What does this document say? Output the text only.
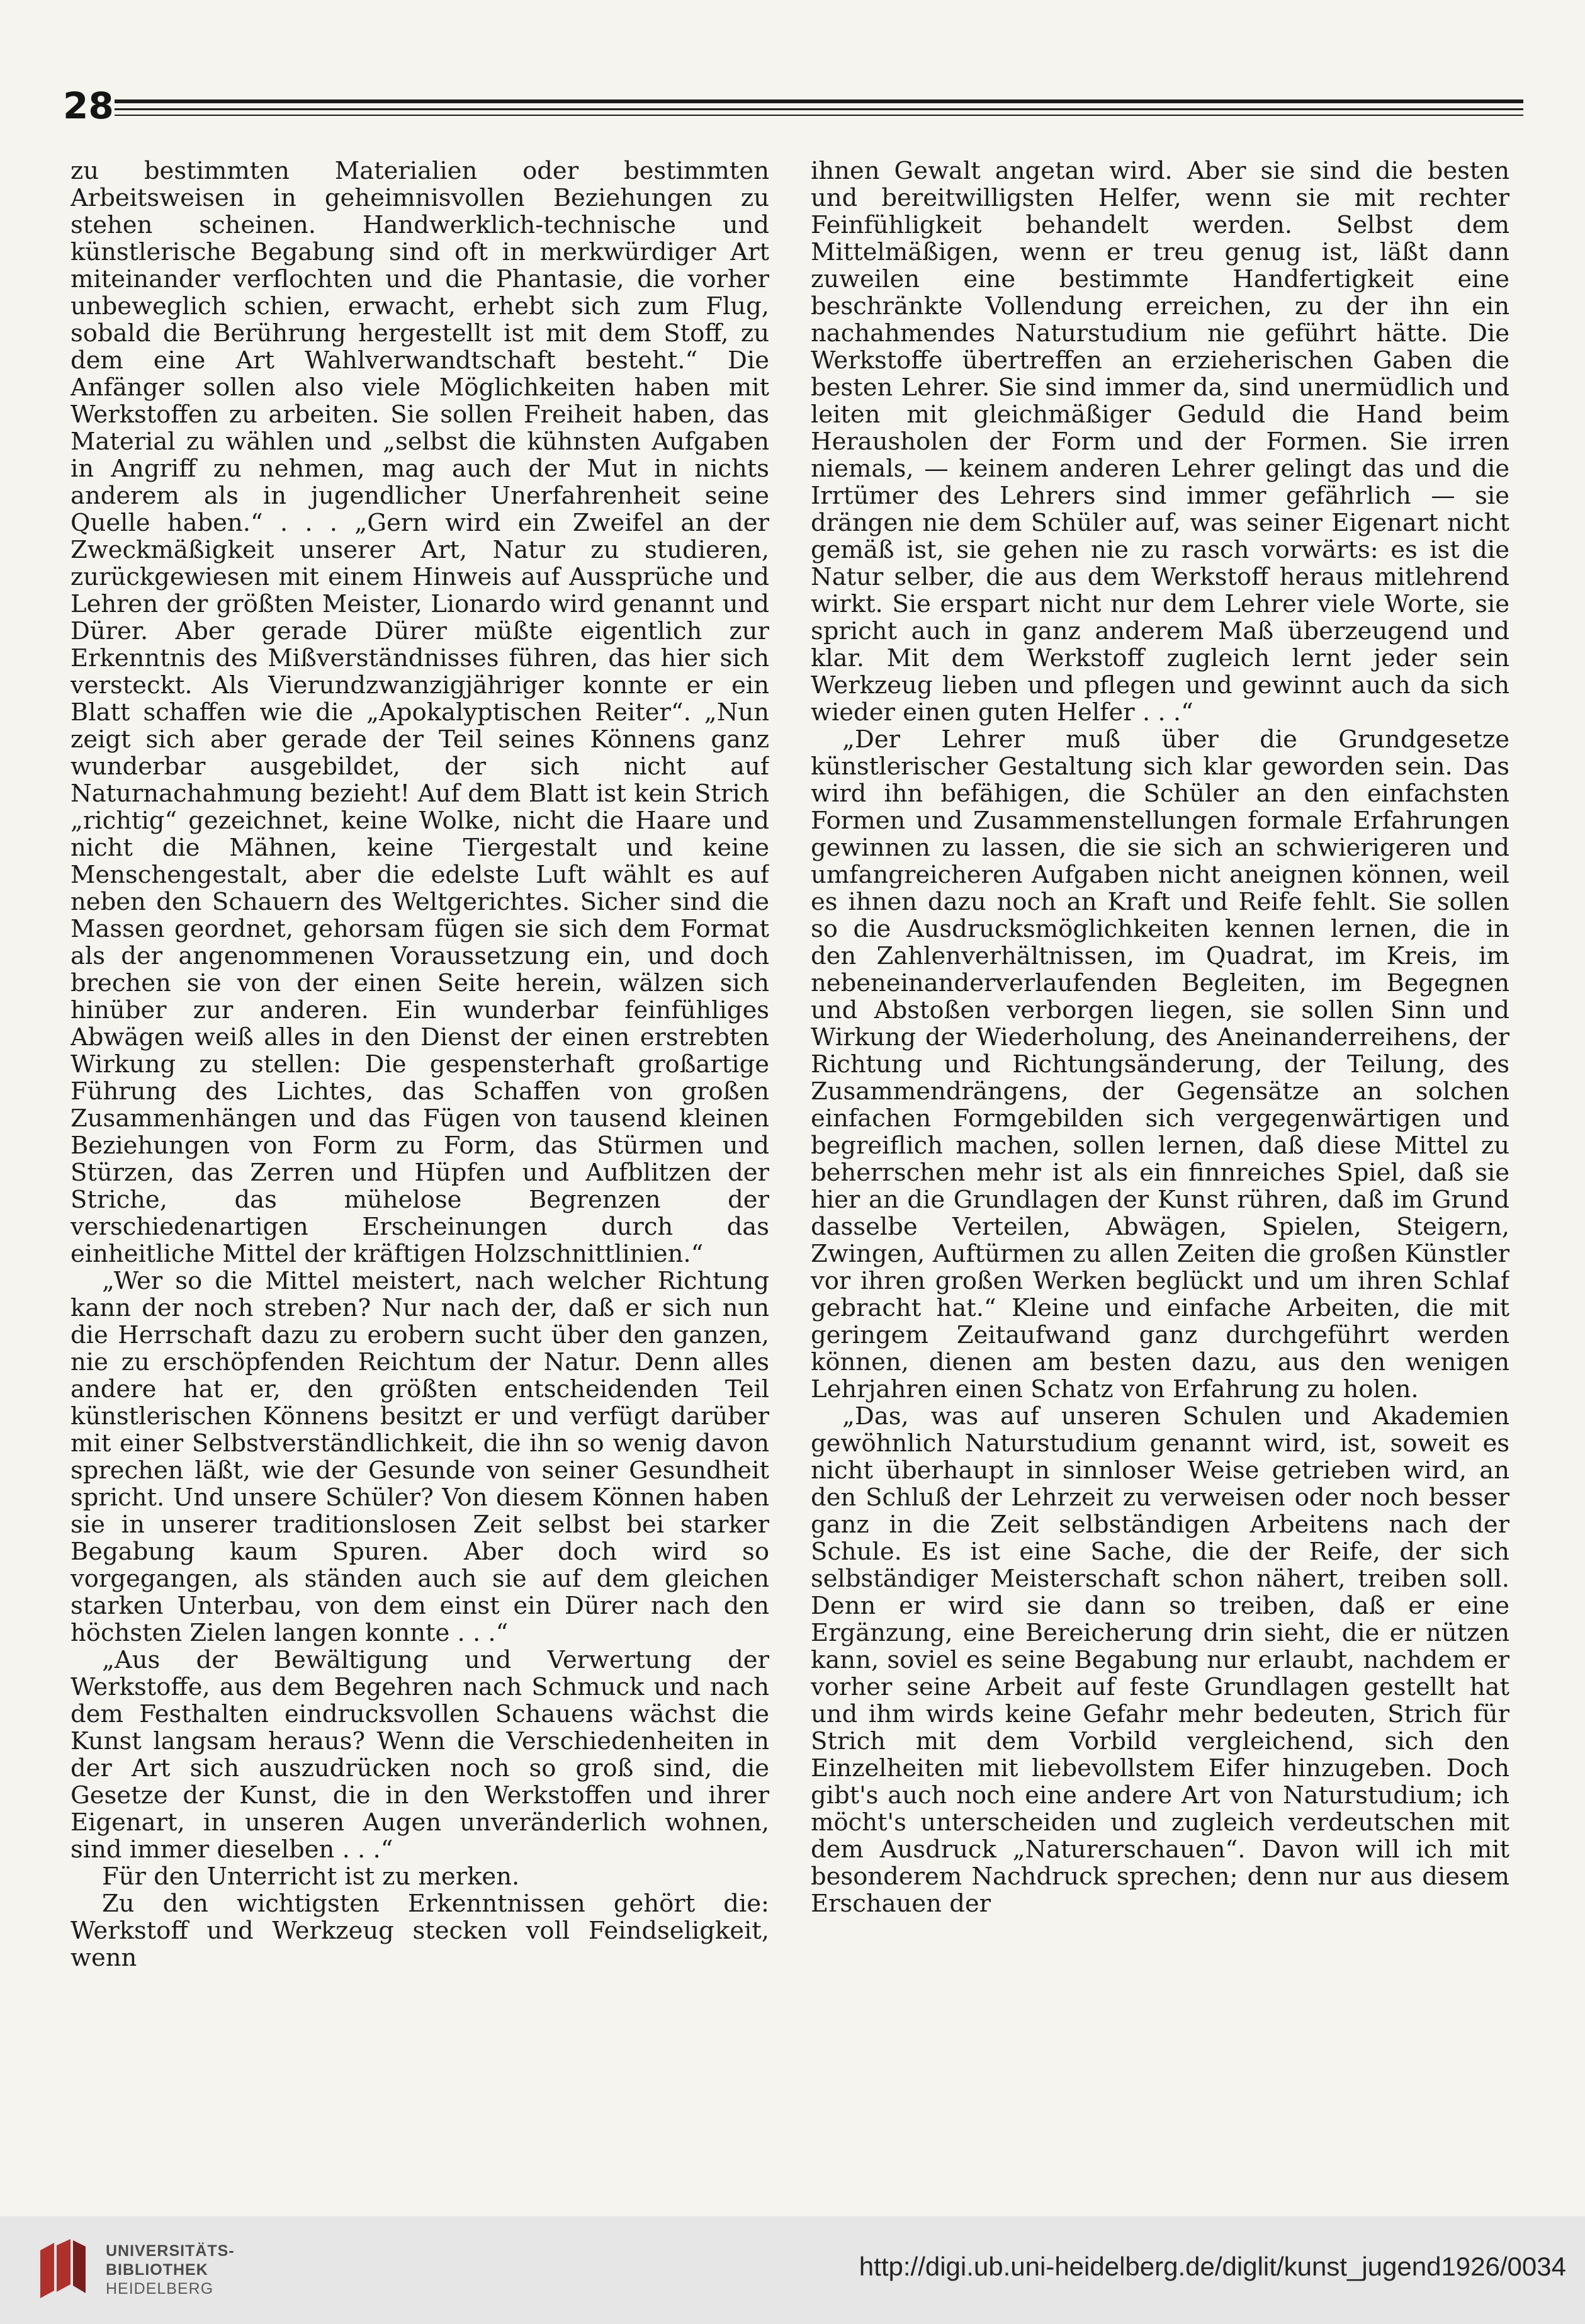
28

zu bestimmten Materialien oder bestimmten Arbeitsweisen in geheimnisvollen Beziehungen zu stehen scheinen. Handwerklich-technische und künstlerische Begabung sind oft in merkwürdiger Art miteinander verflochten und die Phantasie, die vorher unbeweglich schien, erwacht, erhebt sich zum Flug, sobald die Berührung hergestellt ist mit dem Stoff, zu dem eine Art Wahlverwandtschaft besteht.“ Die Anfänger sollen also viele Möglichkeiten haben mit Werkstoffen zu arbeiten. Sie sollen Freiheit haben, das Material zu wählen und „selbst die kühnsten Aufgaben in Angriff zu nehmen, mag auch der Mut in nichts anderem als in jugendlicher Unerfahrenheit seine Quelle haben.“ . . . „Gern wird ein Zweifel an der Zweckmäßigkeit unserer Art, Natur zu studieren, zurückgewiesen mit einem Hinweis auf Aussprüche und Lehren der größten Meister, Lionardo wird genannt und Dürer. Aber gerade Dürer müßte eigentlich zur Erkenntnis des Mißverständnisses führen, das hier sich versteckt. Als Vierundzwanzigjähriger konnte er ein Blatt schaffen wie die „Apokalyptischen Reiter“. „Nun zeigt sich aber gerade der Teil seines Könnens ganz wunderbar ausgebildet, der sich nicht auf Naturnachahmung bezieht! Auf dem Blatt ist kein Strich „richtig“ gezeichnet, keine Wolke, nicht die Haare und nicht die Mähnen, keine Tiergestalt und keine Menschengestalt, aber die edelste Luft wählt es auf neben den Schauern des Weltgerichtes. Sicher sind die Massen geordnet, gehorsam fügen sie sich dem Format als der angenommenen Voraussetzung ein, und doch brechen sie von der einen Seite herein, wälzen sich hinüber zur anderen. Ein wunderbar feinfühliges Abwägen weiß alles in den Dienst der einen erstrebten Wirkung zu stellen: Die gespensterhaft großartige Führung des Lichtes, das Schaffen von großen Zusammenhängen und das Fügen von tausend kleinen Beziehungen von Form zu Form, das Stürmen und Stürzen, das Zerren und Hüpfen und Aufblitzen der Striche, das mühelose Begrenzen der verschiedenartigen Erscheinungen durch das einheitliche Mittel der kräftigen Holzschnittlinien.“

„Wer so die Mittel meistert, nach welcher Richtung kann der noch streben? Nur nach der, daß er sich nun die Herrschaft dazu zu erobern sucht über den ganzen, nie zu erschöpfenden Reichtum der Natur. Denn alles andere hat er, den größten entscheidenden Teil künstlerischen Könnens besitzt er und verfügt darüber mit einer Selbstverständlichkeit, die ihn so wenig davon sprechen läßt, wie der Gesunde von seiner Gesundheit spricht. Und unsere Schüler? Von diesem Können haben sie in unserer traditionslosen Zeit selbst bei starker Begabung kaum Spuren. Aber doch wird so vorgegangen, als ständen auch sie auf dem gleichen starken Unterbau, von dem einst ein Dürer nach den höchsten Zielen langen konnte . . .“

„Aus der Bewältigung und Verwertung der Werkstoffe, aus dem Begehren nach Schmuck und nach dem Festhalten eindrucksvollen Schauens wächst die Kunst langsam heraus? Wenn die Verschiedenheiten in der Art sich auszudrücken noch so groß sind, die Gesetze der Kunst, die in den Werkstoffen und ihrer Eigenart, in unseren Augen unveränderlich wohnen, sind immer dieselben . . .“

Für den Unterricht ist zu merken.

Zu den wichtigsten Erkenntnissen gehört die: Werkstoff und Werkzeug stecken voll Feindseligkeit, wenn

ihnen Gewalt angetan wird. Aber sie sind die besten und bereitwilligsten Helfer, wenn sie mit rechter Feinfühligkeit behandelt werden. Selbst dem Mittelmäßigen, wenn er treu genug ist, läßt dann zuweilen eine bestimmte Handfertigkeit eine beschränkte Vollendung erreichen, zu der ihn ein nachahmendes Naturstudium nie geführt hätte. Die Werkstoffe übertreffen an erzieherischen Gaben die besten Lehrer. Sie sind immer da, sind unermüdlich und leiten mit gleichmäßiger Geduld die Hand beim Herausholen der Form und der Formen. Sie irren niemals, — keinem anderen Lehrer gelingt das und die Irrtümer des Lehrers sind immer gefährlich — sie drängen nie dem Schüler auf, was seiner Eigenart nicht gemäß ist, sie gehen nie zu rasch vorwärts: es ist die Natur selber, die aus dem Werkstoff heraus mitlehrend wirkt. Sie erspart nicht nur dem Lehrer viele Worte, sie spricht auch in ganz anderem Maß überzeugend und klar. Mit dem Werkstoff zugleich lernt jeder sein Werkzeug lieben und pflegen und gewinnt auch da sich wieder einen guten Helfer . . .“

„Der Lehrer muß über die Grundgesetze künstlerischer Gestaltung sich klar geworden sein. Das wird ihn befähigen, die Schüler an den einfachsten Formen und Zusammenstellungen formale Erfahrungen gewinnen zu lassen, die sie sich an schwierigeren und umfangreicheren Aufgaben nicht aneignen können, weil es ihnen dazu noch an Kraft und Reife fehlt. Sie sollen so die Ausdrucksmöglichkeiten kennen lernen, die in den Zahlenverhältnissen, im Quadrat, im Kreis, im nebeneinanderverlaufenden Begleiten, im Begegnen und Abstoßen verborgen liegen, sie sollen Sinn und Wirkung der Wiederholung, des Aneinanderreihens, der Richtung und Richtungsänderung, der Teilung, des Zusammendrängens, der Gegensätze an solchen einfachen Formgebilden sich vergegenwärtigen und begreiflich machen, sollen lernen, daß diese Mittel zu beherrschen mehr ist als ein finnreiches Spiel, daß sie hier an die Grundlagen der Kunst rühren, daß im Grund dasselbe Verteilen, Abwägen, Spielen, Steigern, Zwingen, Auftürmen zu allen Zeiten die großen Künstler vor ihren großen Werken beglückt und um ihren Schlaf gebracht hat.“ Kleine und einfache Arbeiten, die mit geringem Zeitaufwand ganz durchgeführt werden können, dienen am besten dazu, aus den wenigen Lehrjahren einen Schatz von Erfahrung zu holen.

„Das, was auf unseren Schulen und Akademien gewöhnlich Naturstudium genannt wird, ist, soweit es nicht überhaupt in sinnloser Weise getrieben wird, an den Schluß der Lehrzeit zu verweisen oder noch besser ganz in die Zeit selbständigen Arbeitens nach der Schule. Es ist eine Sache, die der Reife, der sich selbständiger Meisterschaft schon nähert, treiben soll. Denn er wird sie dann so treiben, daß er eine Ergänzung, eine Bereicherung drin sieht, die er nützen kann, soviel es seine Begabung nur erlaubt, nachdem er vorher seine Arbeit auf feste Grundlagen gestellt hat und ihm wirds keine Gefahr mehr bedeuten, Strich für Strich mit dem Vorbild vergleichend, sich den Einzelheiten mit liebevollstem Eifer hinzugeben. Doch gibt's auch noch eine andere Art von Naturstudium; ich möcht's unterscheiden und zugleich verdeutschen mit dem Ausdruck „Naturerschauen“. Davon will ich mit besonderem Nachdruck sprechen; denn nur aus diesem Erschauen der

UNIVERSITÄTS-
BIBLIOTHEK
HEIDELBERG
http://digi.ub.uni-heidelberg.de/diglit/kunst_jugend1926/0034
